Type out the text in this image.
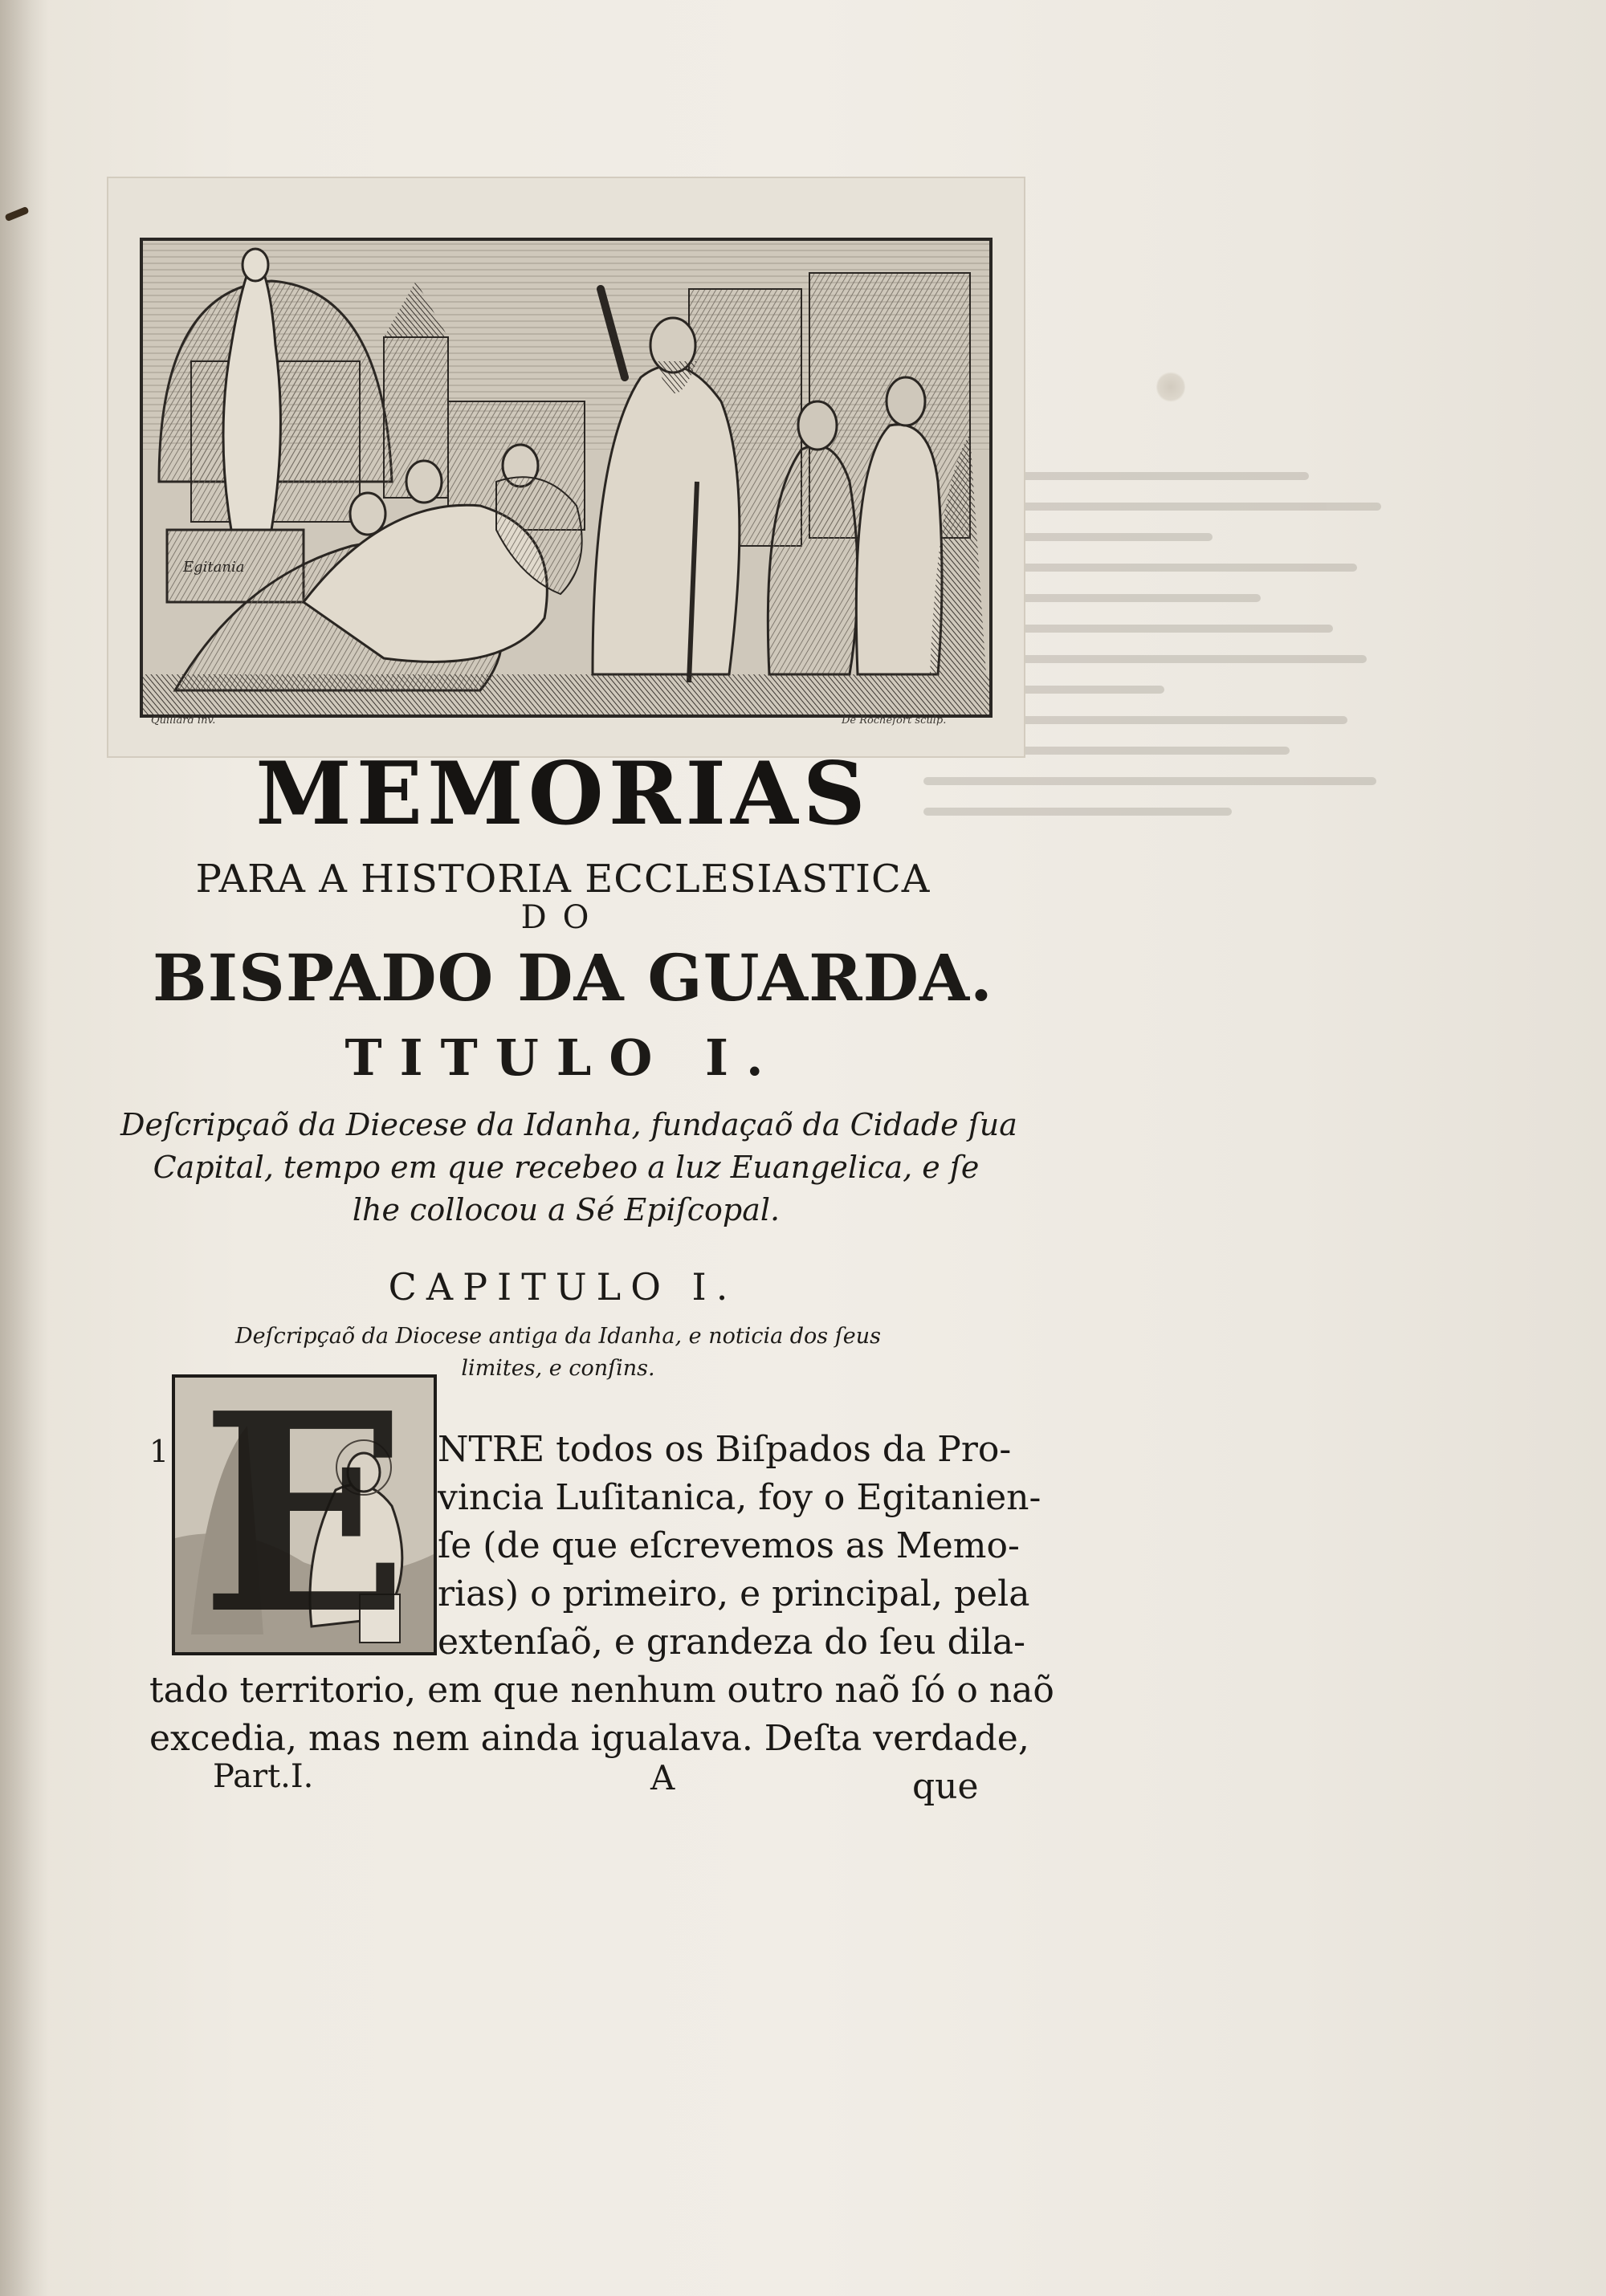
Egitania
Quillard inv.	De Rochefort sculp.
MEMORIAS
PARA A HISTORIA ECCLESIASTICA
DO
BISPADO DA GUARDA.
TITULO I.
Deſcripçaõ da Diecese da Idanha, fundaçaõ da Cidade ſua
Capital, tempo em que recebeo a luz Euangelica, e ſe
lhe collocou a Sé Epiſcopal.
CAPITULO I.
Deſcripçaõ da Diocese antiga da Idanha, e noticia dos ſeus
limites, e conſins.
1 E NTRE todos os Biſpados da Pro-
vincia Luſitanica, foy o Egitanien-
ſe (de que eſcrevemos as Memo-
rias) o primeiro, e principal, pela
extenſaõ, e grandeza do ſeu dila-
tado territorio, em que nenhum outro naõ ſó o naõ
excedia, mas nem ainda igualava. Deſta verdade,
Part.I.	A	que
